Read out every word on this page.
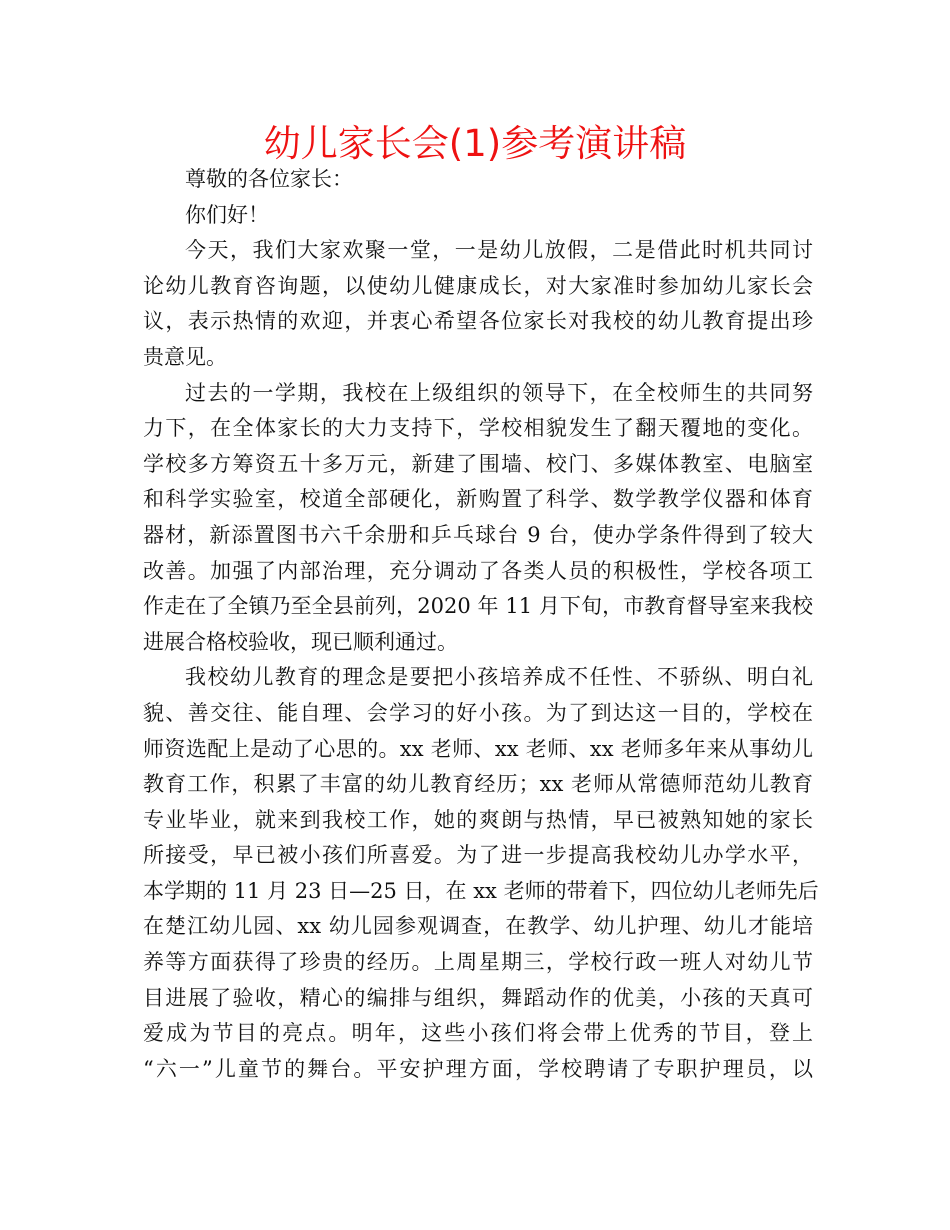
幼儿家长会(1)参考演讲稿
尊敬的各位家长：
你们好！
今天，我们大家欢聚一堂，一是幼儿放假，二是借此时机共同讨
论幼儿教育咨询题，以使幼儿健康成长，对大家准时参加幼儿家长会
议，表示热情的欢迎，并衷心希望各位家长对我校的幼儿教育提出珍
贵意见。
过去的一学期，我校在上级组织的领导下，在全校师生的共同努
力下，在全体家长的大力支持下，学校相貌发生了翻天覆地的变化。
学校多方筹资五十多万元，新建了围墙、校门、多媒体教室、电脑室
和科学实验室，校道全部硬化，新购置了科学、数学教学仪器和体育
器材，新添置图书六千余册和乒乓球台 9 台，使办学条件得到了较大
改善。加强了内部治理，充分调动了各类人员的积极性，学校各项工
作走在了全镇乃至全县前列，2020 年 11 月下旬，市教育督导室来我校
进展合格校验收，现已顺利通过。
我校幼儿教育的理念是要把小孩培养成不任性、不骄纵、明白礼
貌、善交往、能自理、会学习的好小孩。为了到达这一目的，学校在
师资选配上是动了心思的。xx 老师、xx 老师、xx 老师多年来从事幼儿
教育工作，积累了丰富的幼儿教育经历；xx 老师从常德师范幼儿教育
专业毕业，就来到我校工作，她的爽朗与热情，早已被熟知她的家长
所接受，早已被小孩们所喜爱。为了进一步提高我校幼儿办学水平，
本学期的 11 月 23 日—25 日，在 xx 老师的带着下，四位幼儿老师先后
在楚江幼儿园、xx 幼儿园参观调查，在教学、幼儿护理、幼儿才能培
养等方面获得了珍贵的经历。上周星期三，学校行政一班人对幼儿节
目进展了验收，精心的编排与组织，舞蹈动作的优美，小孩的天真可
爱成为节目的亮点。明年，这些小孩们将会带上优秀的节目，登上
“六一”儿童节的舞台。平安护理方面，学校聘请了专职护理员，以
